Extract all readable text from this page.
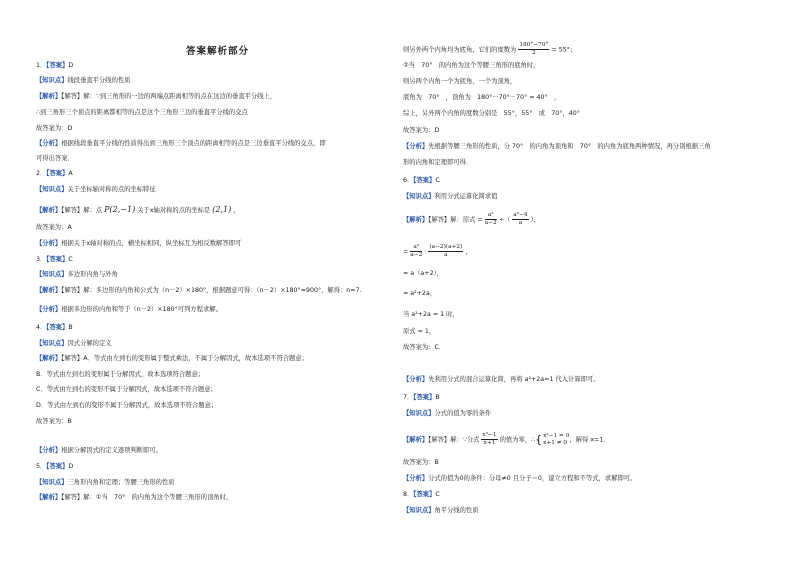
答案解析部分
1．【答案】D
【知识点】线段垂直平分线的性质
【解析】【解答】解：∵到三角形的一边的两端点距离相等的点在这边的垂直平分线上，
∴到三角形三个顶点的距离都相等的点是这个三角形三边的垂直平分线的交点
故答案为：D
【分析】根据线段垂直平分线的性质得出到三角形三个顶点的距离相等的点是三边垂直平分线的交点，即
可得出答案．
2．【答案】A
【知识点】关于坐标轴对称的点的坐标特征
【解析】【解答】解：点 P(2,−1) 关于x轴对称的点的坐标是 (2,1) ，
故答案为：A
【分析】根据关于x轴对称的点，横坐标相同，纵坐标互为相反数解答即可
3．【答案】C
【知识点】多边形内角与外角
【解析】【解答】解：多边形的内角和公式为（n－2）×180°，根据题意可得：（n－2）×180°=900°，解得：n=7.
【分析】根据多边形的内角和等于（n－2）×180°可列方程求解。
4．【答案】B
【知识点】因式分解的定义
【解析】【解答】A．等式由左到右的变形属于整式乘法，不属于分解因式，故本选项不符合题意；
B．等式由左到右的变形属于分解因式，故本选项符合题意；
C．等式由左到右的变形不属于分解因式，故本选项不符合题意；
D．等式由左到右的变形不属于分解因式，故本选项不符合题意；
故答案为：B
【分析】根据分解因式的定义逐项判断即可。
5．【答案】D
【知识点】三角形内角和定理；等腰三角形的性质
【解析】【解答】解：①当　70°　的内角为这个等腰三角形的顶角时，
则另外两个内角均为底角，它们的度数为 $\frac{180^\circ-70^\circ}{2} = 55^\circ$；
②当　70°　的内角为这个等腰三角形的底角时，
则另两个内角一个为底角，一个为顶角，
底角为　70°　，顶角为　180°－70°－70° = 40°　，
综上，另外两个内角的度数分别是　55°，55°　或　70°，40°
故答案为：D
【分析】先根据等腰三角形的性质，分 70°　的内角为顶角和　70°　的内角为底角两种情况，再分别根据三角
形的内角和定理即可得．
6．【答案】C
【知识点】利用分式运算化简求值
【解析】【解答】解：原式 = $\frac{\text{a²}}{a-2}$ ÷（ $\frac{\text{a²−4}}{a}$ ），
= $\frac{\text{a²}}{a-2} \cdot \frac{(a-2)(a+2)}{a}$ ，
= a（a+2），
= a²+2a，
当 a²+2a = 1 时，
原式 = 1，
故答案为：C．
【分析】先利用分式的混合运算化简，再将 a²+2a=1 代入计算即可。
7．【答案】B
【知识点】分式的值为零的条件
【解析】【解答】解：∵分式 $\frac{\text{x²−1}}{x+1}$ 的值为零，∴{ x²−1 = 0
x+1 ≠ 0 ，解得 x=1．
故答案为：B
【分析】分式的值为0的条件：分母≠0 且分子＝0，建立方程和不等式，求解即可。
8．【答案】C
【知识点】角平分线的性质
